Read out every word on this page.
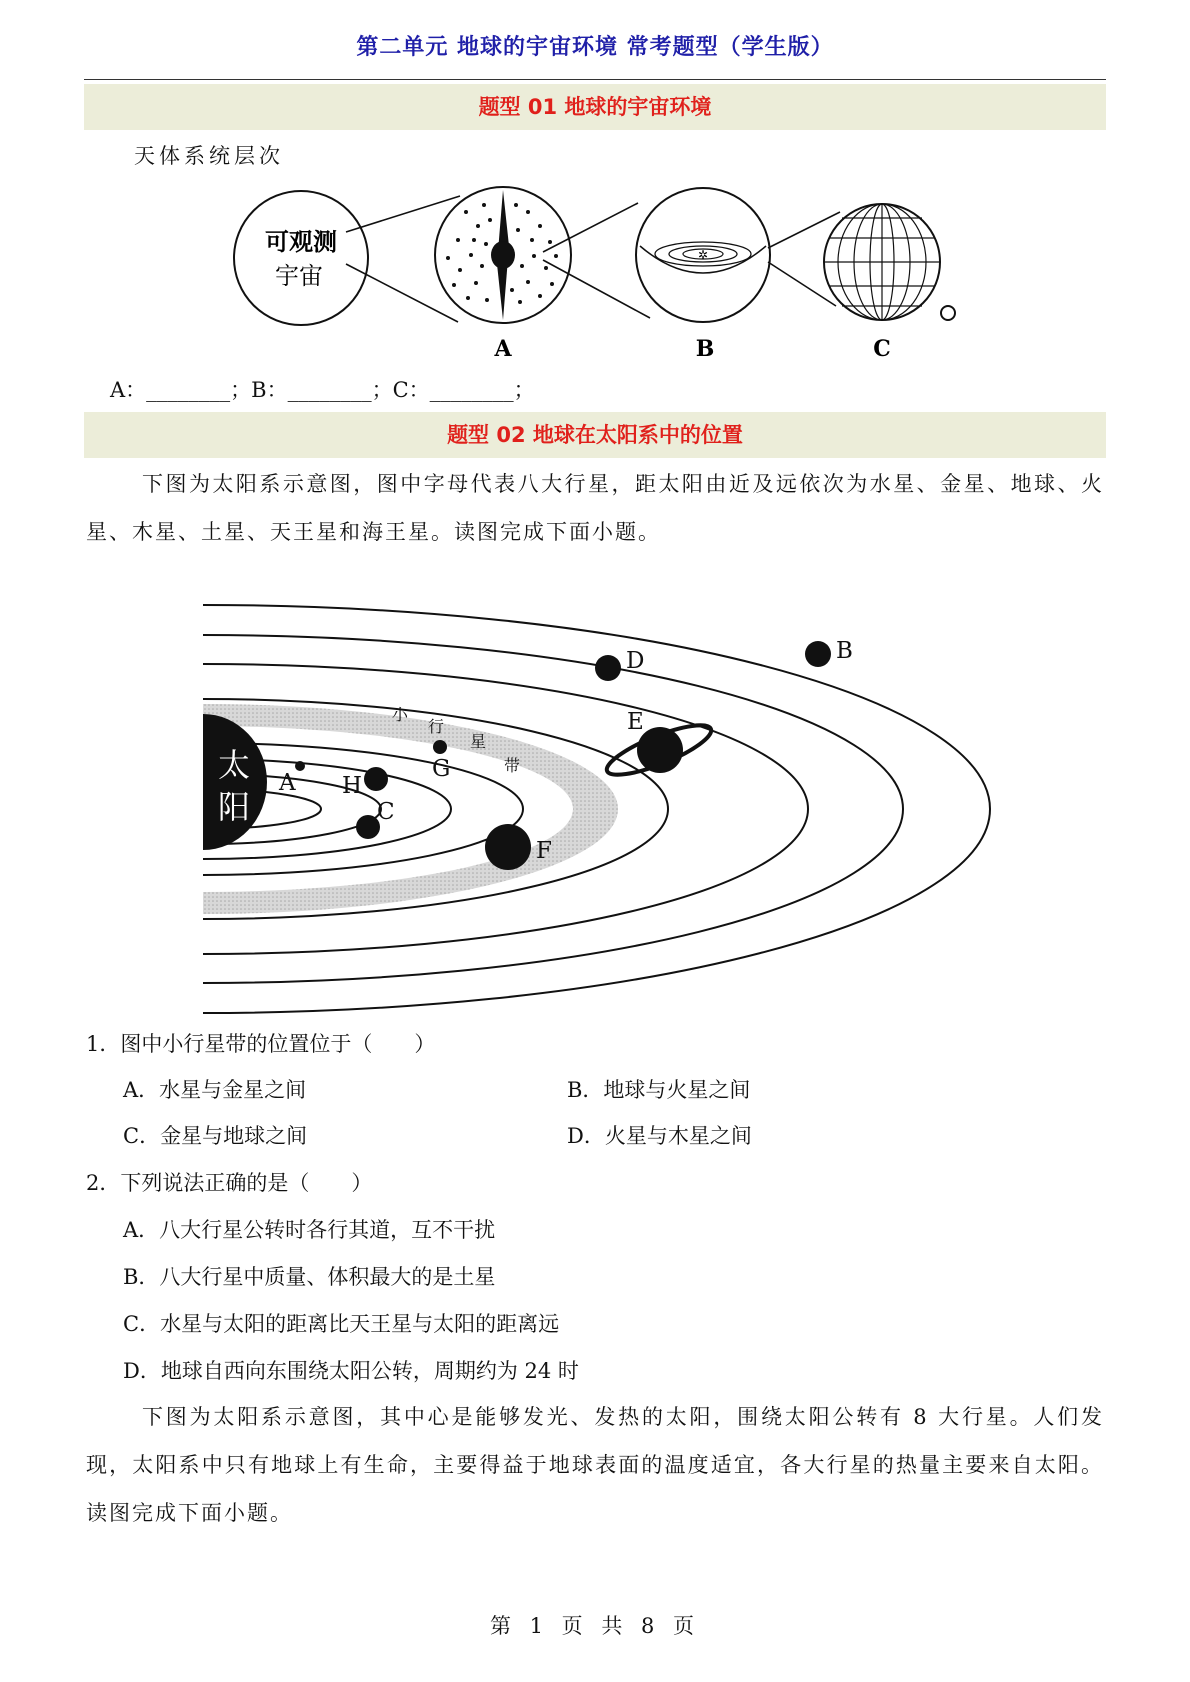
第二单元 地球的宇宙环境 常考题型（学生版）
题型 01 地球的宇宙环境
天体系统层次
可观测
宇宙
✲
A	B	C
A：________；B：________；C：________；
题型 02 地球在太阳系中的位置

下图为太阳系示意图，图中字母代表八大行星，距太阳由近及远依次为水星、金星、地球、火星、木星、土星、天王星和海王星。读图完成下面小题。

太
阳
小
行
星
带
A H
C
G
F
E
D	B
1．图中小行星带的位置位于（　　）
A．水星与金星之间	B．地球与火星之间
C．金星与地球之间	D．火星与木星之间
2．下列说法正确的是（　　）
A．八大行星公转时各行其道，互不干扰
B．八大行星中质量、体积最大的是土星
C．水星与太阳的距离比天王星与太阳的距离远
D．地球自西向东围绕太阳公转，周期约为 24 时

下图为太阳系示意图，其中心是能够发光、发热的太阳，围绕太阳公转有 8 大行星。人们发现，太阳系中只有地球上有生命，主要得益于地球表面的温度适宜，各大行星的热量主要来自太阳。读图完成下面小题。

第 1 页 共 8 页
